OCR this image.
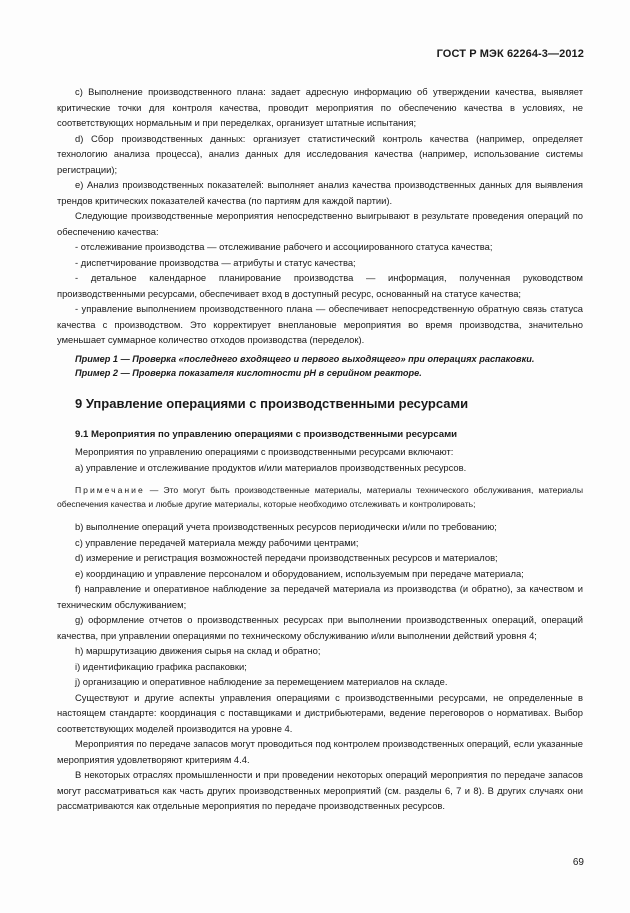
ГОСТ Р МЭК 62264-3—2012

c) Выполнение производственного плана: задает адресную информацию об утверждении качества, выявляет критические точки для контроля качества, проводит мероприятия по обеспечению качества в условиях, не соответствующих нормальным и при переделках, организует штатные испытания;

d) Сбор производственных данных: организует статистический контроль качества (например, определяет технологию анализа процесса), анализ данных для исследования качества (например, использование системы регистрации);

e) Анализ производственных показателей: выполняет анализ качества производственных данных для выявления трендов критических показателей качества (по партиям для каждой партии).

Следующие производственные мероприятия непосредственно выигрывают в результате проведения операций по обеспечению качества:

- отслеживание производства — отслеживание рабочего и ассоциированного статуса качества;

- диспетчирование производства — атрибуты и статус качества;

- детальное календарное планирование производства — информация, полученная руководством производственными ресурсами, обеспечивает вход в доступный ресурс, основанный на статусе качества;

- управление выполнением производственного плана — обеспечивает непосредственную обратную связь статуса качества с производством. Это корректирует внеплановые мероприятия во время производства, значительно уменьшает суммарное количество отходов производства (переделок).

Пример 1 — Проверка «последнего входящего и первого выходящего» при операциях распаковки.

Пример 2 — Проверка показателя кислотности pH в серийном реакторе.

9 Управление операциями с производственными ресурсами
9.1 Мероприятия по управлению операциями с производственными ресурсами

Мероприятия по управлению операциями с производственными ресурсами включают:

a) управление и отслеживание продуктов и/или материалов производственных ресурсов.

Примечание — Это могут быть производственные материалы, материалы технического обслуживания, материалы обеспечения качества и любые другие материалы, которые необходимо отслеживать и контролировать;

b) выполнение операций учета производственных ресурсов периодически и/или по требованию;

c) управление передачей материала между рабочими центрами;

d) измерение и регистрация возможностей передачи производственных ресурсов и материалов;

e) координацию и управление персоналом и оборудованием, используемым при передаче материала;

f) направление и оперативное наблюдение за передачей материала из производства (и обратно), за качеством и техническим обслуживанием;

g) оформление отчетов о производственных ресурсах при выполнении производственных операций, операций качества, при управлении операциями по техническому обслуживанию и/или выполнении действий уровня 4;

h) маршрутизацию движения сырья на склад и обратно;

i) идентификацию графика распаковки;

j) организацию и оперативное наблюдение за перемещением материалов на складе.

Существуют и другие аспекты управления операциями с производственными ресурсами, не определенные в настоящем стандарте: координация с поставщиками и дистрибьютерами, ведение переговоров о нормативах. Выбор соответствующих моделей производится на уровне 4.

Мероприятия по передаче запасов могут проводиться под контролем производственных операций, если указанные мероприятия удовлетворяют критериям 4.4.

В некоторых отраслях промышленности и при проведении некоторых операций мероприятия по передаче запасов могут рассматриваться как часть других производственных мероприятий (см. разделы 6, 7 и 8). В других случаях они рассматриваются как отдельные мероприятия по передаче производственных ресурсов.

69
